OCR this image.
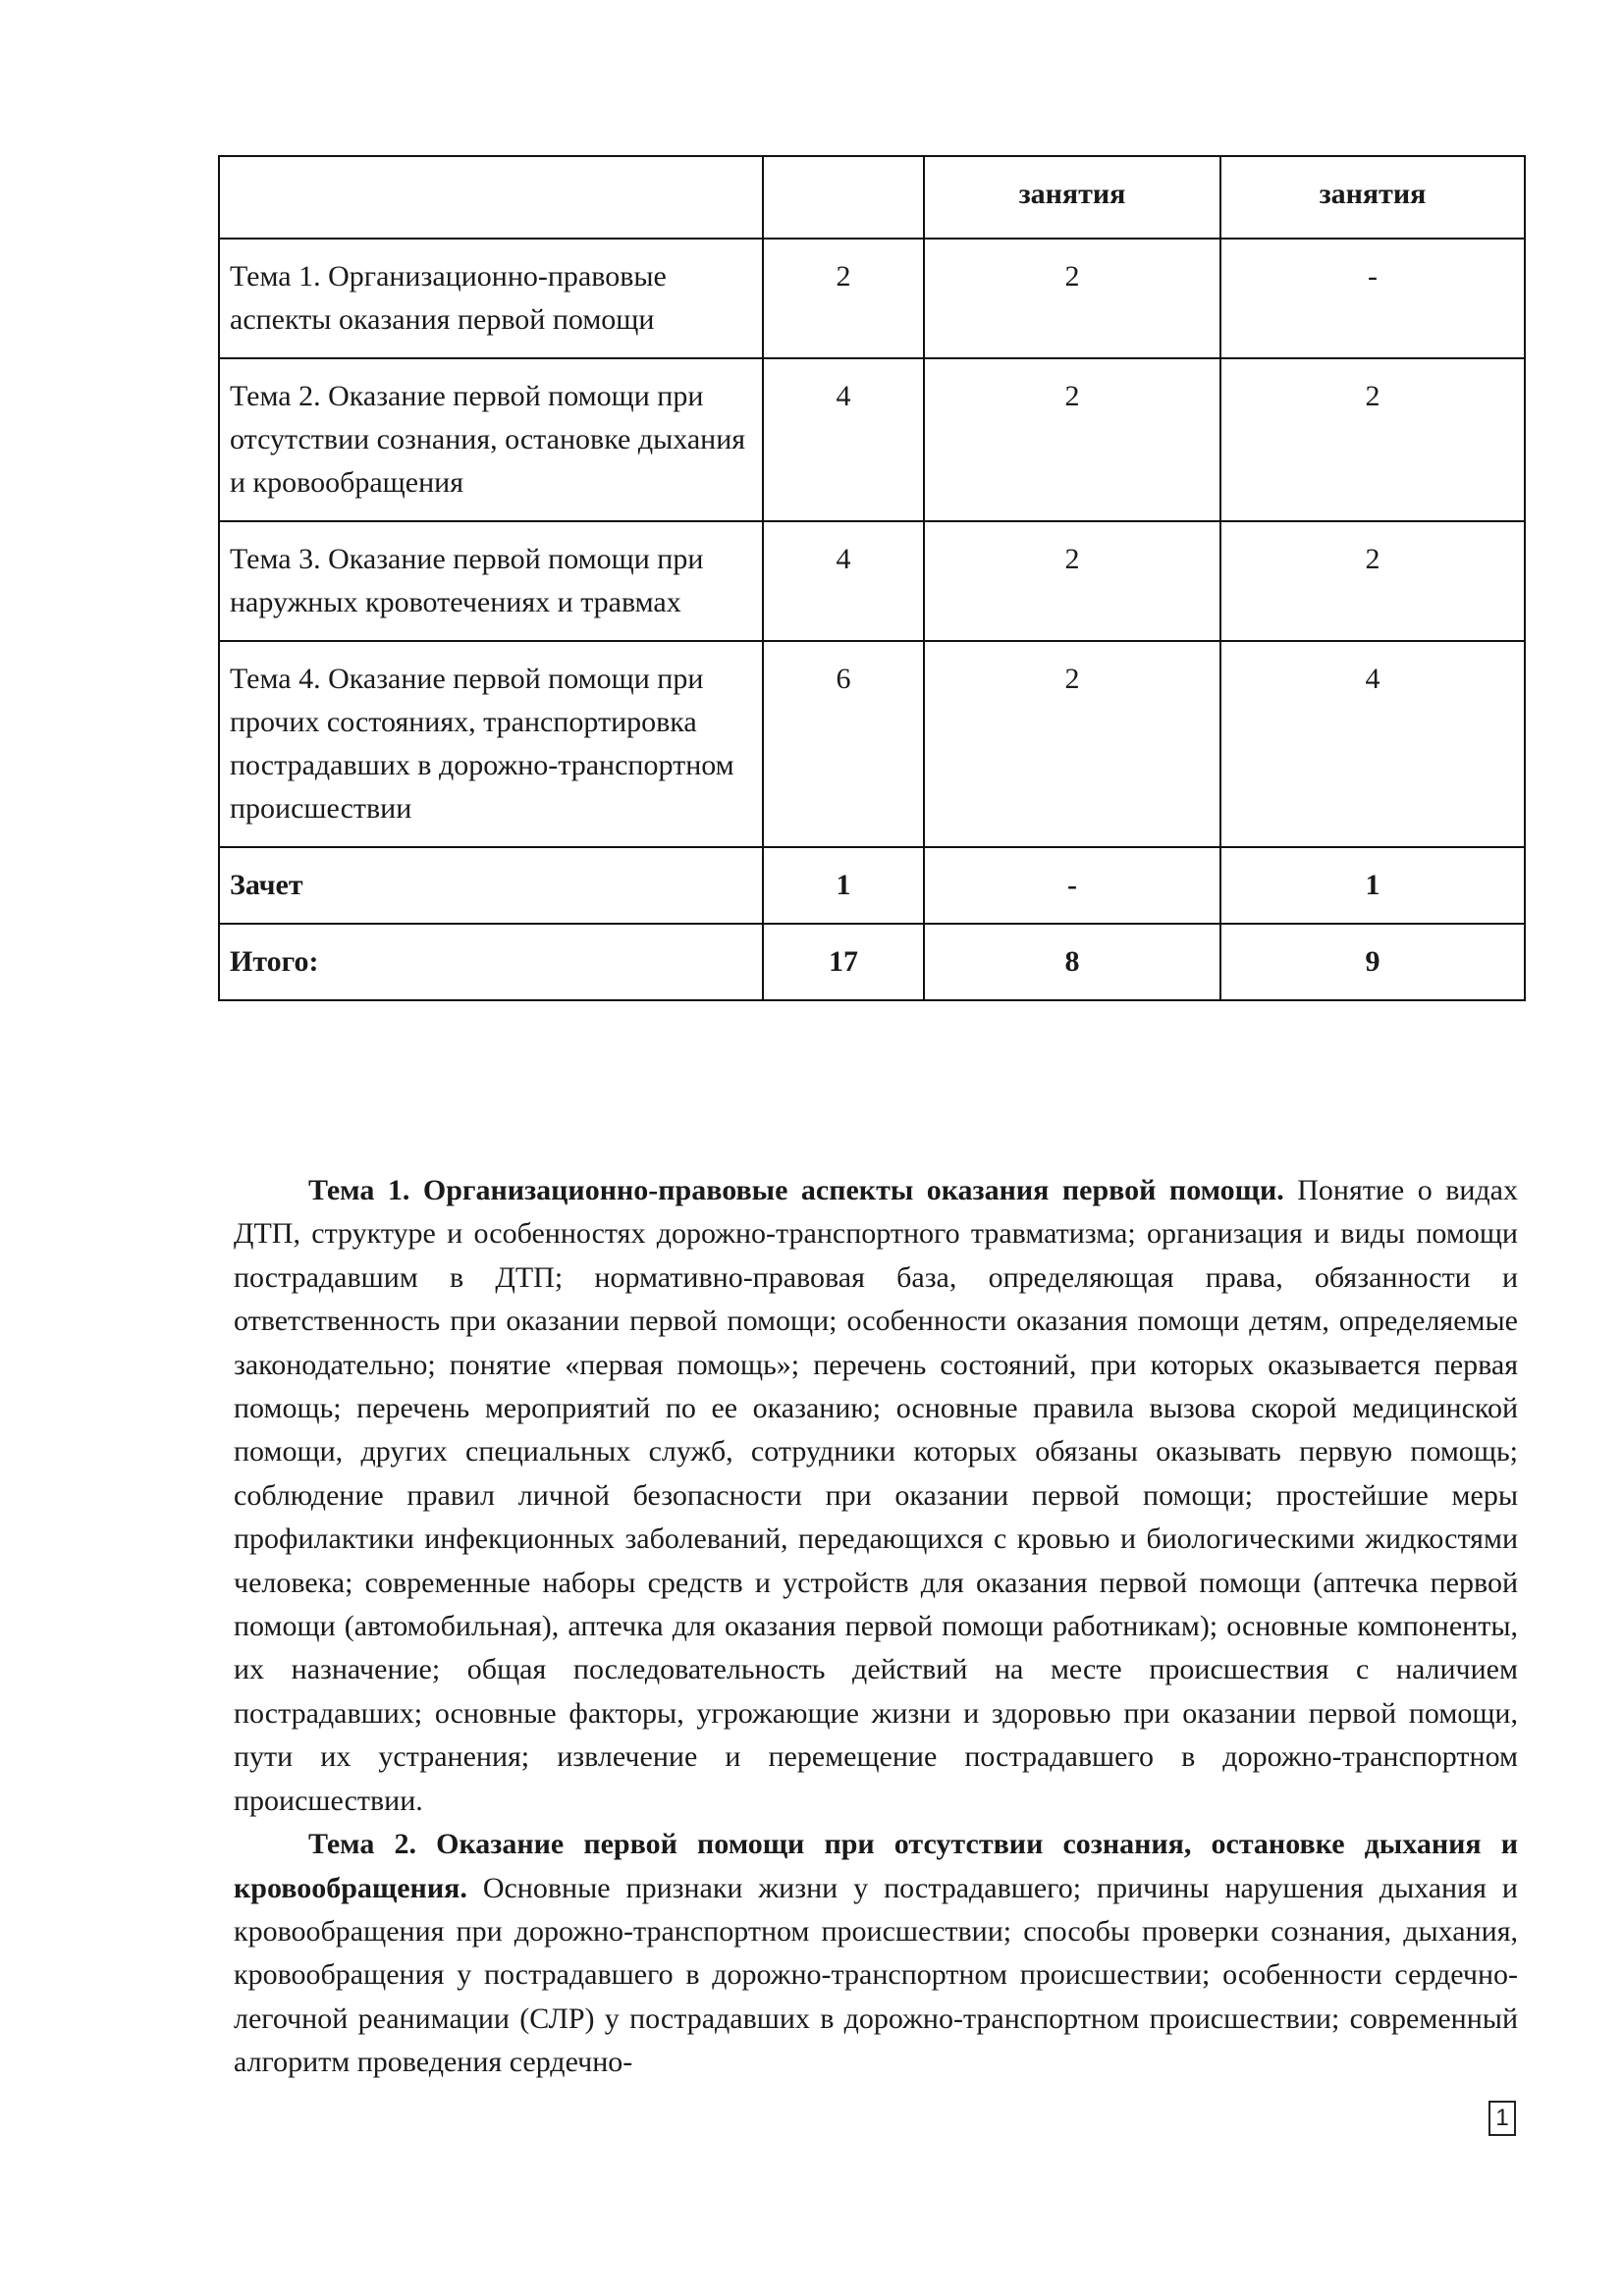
		занятия	занятия
Тема 1. Организационно-правовые аспекты оказания первой помощи	2	2	-
Тема 2. Оказание первой помощи при отсутствии сознания, остановке дыхания и кровообращения	4	2	2
Тема 3. Оказание первой помощи при наружных кровотечениях и травмах	4	2	2
Тема 4. Оказание первой помощи при прочих состояниях, транспортировка пострадавших в дорожно-транспортном происшествии	6	2	4
Зачет	1	-	1
Итого:	17	8	9

Тема 1. Организационно-правовые аспекты оказания первой помощи. Понятие о видах ДТП, структуре и особенностях дорожно-транспортного травматизма; организация и виды помощи пострадавшим в ДТП; нормативно-правовая база, определяющая права, обязанности и ответственность при оказании первой помощи; особенности оказания помощи детям, определяемые законодательно; понятие «первая помощь»; перечень состояний, при которых оказывается первая помощь; перечень мероприятий по ее оказанию; основные правила вызова скорой медицинской помощи, других специальных служб, сотрудники которых обязаны оказывать первую помощь; соблюдение правил личной безопасности при оказании первой помощи; простейшие меры профилактики инфекционных заболеваний, передающихся с кровью и биологическими жидкостями человека; современные наборы средств и устройств для оказания первой помощи (аптечка первой помощи (автомобильная), аптечка для оказания первой помощи работникам); основные компоненты, их назначение; общая последовательность действий на месте происшествия с наличием пострадавших; основные факторы, угрожающие жизни и здоровью при оказании первой помощи, пути их устранения; извлечение и перемещение пострадавшего в дорожно-транспортном происшествии.

Тема 2. Оказание первой помощи при отсутствии сознания, остановке дыхания и кровообращения. Основные признаки жизни у пострадавшего; причины нарушения дыхания и кровообращения при дорожно-транспортном происшествии; способы проверки сознания, дыхания, кровообращения у пострадавшего в дорожно-транспортном происшествии; особенности сердечно-легочной реанимации (СЛР) у пострадавших в дорожно-транспортном происшествии; современный алгоритм проведения сердечно-

1
